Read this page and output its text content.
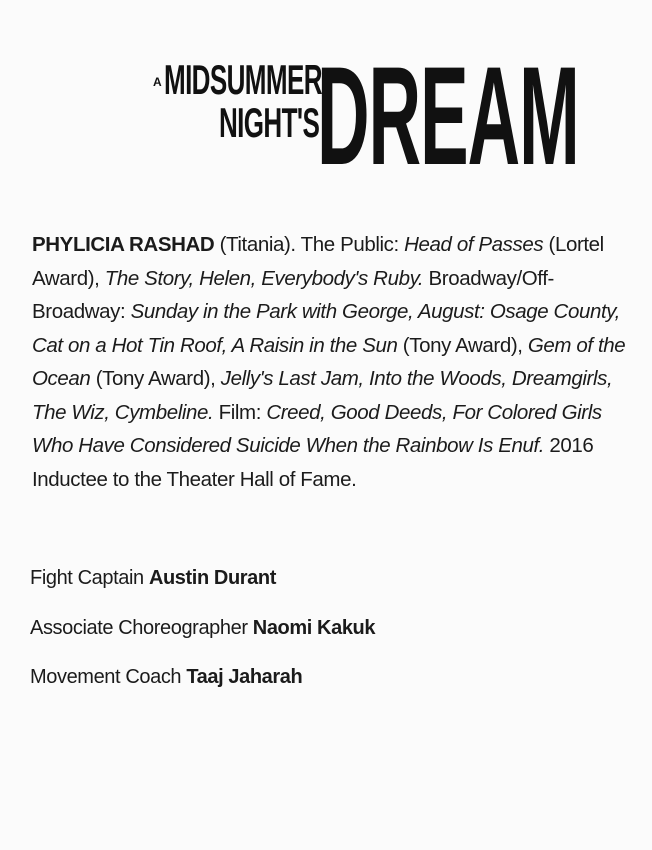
A MIDSUMMER
NIGHT'S
DREAM
PHYLICIA RASHAD (Titania). The Public: Head of Passes (Lortel Award), The Story, Helen, Everybody's Ruby. Broadway/Off-Broadway: Sunday in the Park with George, August: Osage County, Cat on a Hot Tin Roof, A Raisin in the Sun (Tony Award), Gem of the Ocean (Tony Award), Jelly's Last Jam, Into the Woods, Dreamgirls, The Wiz, Cymbeline. Film: Creed, Good Deeds, For Colored Girls Who Have Considered Suicide When the Rainbow Is Enuf. 2016 Inductee to the Theater Hall of Fame.
Fight Captain Austin Durant
Associate Choreographer Naomi Kakuk
Movement Coach Taaj Jaharah
